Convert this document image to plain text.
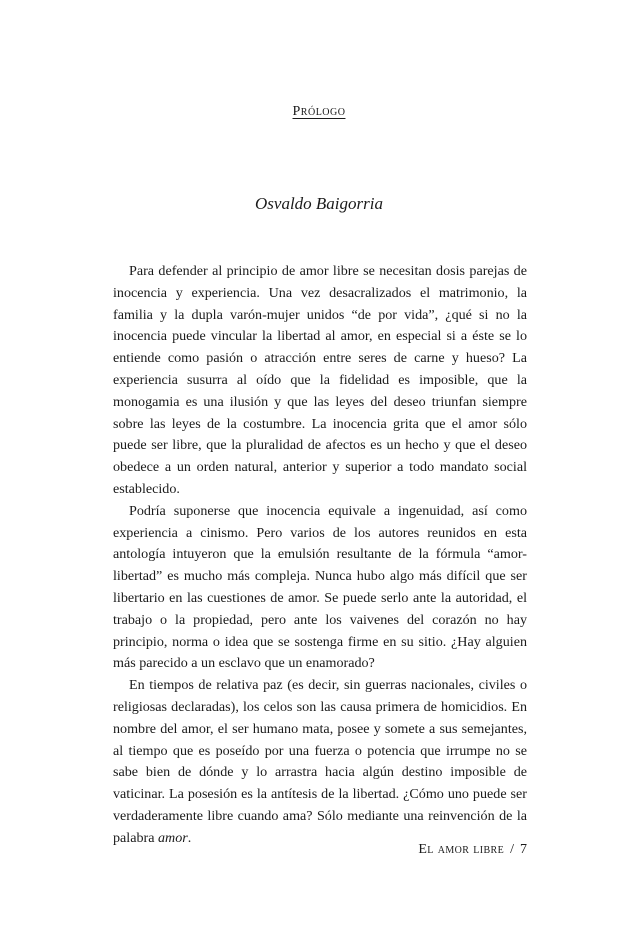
Prólogo
Osvaldo Baigorria

Para defender al principio de amor libre se necesitan dosis parejas de inocencia y experiencia. Una vez desacralizados el matrimonio, la familia y la dupla varón-mujer unidos “de por vida”, ¿qué si no la inocencia puede vincular la libertad al amor, en especial si a éste se lo entiende como pasión o atracción entre seres de carne y hueso? La experiencia susurra al oído que la fidelidad es imposible, que la monogamia es una ilusión y que las leyes del deseo triunfan siempre sobre las leyes de la costumbre. La inocencia grita que el amor sólo puede ser libre, que la pluralidad de afectos es un hecho y que el deseo obedece a un orden natural, anterior y superior a todo mandato social establecido.

Podría suponerse que inocencia equivale a ingenuidad, así como experiencia a cinismo. Pero varios de los autores reunidos en esta antología intuyeron que la emulsión resultante de la fórmula “amor-libertad” es mucho más compleja. Nunca hubo algo más difícil que ser libertario en las cuestiones de amor. Se puede serlo ante la autoridad, el trabajo o la propiedad, pero ante los vaivenes del corazón no hay principio, norma o idea que se sostenga firme en su sitio. ¿Hay alguien más parecido a un esclavo que un enamorado?

En tiempos de relativa paz (es decir, sin guerras nacionales, civiles o religiosas declaradas), los celos son las causa primera de homicidios. En nombre del amor, el ser humano mata, posee y somete a sus semejantes, al tiempo que es poseído por una fuerza o potencia que irrumpe no se sabe bien de dónde y lo arrastra hacia algún destino imposible de vaticinar. La posesión es la antítesis de la libertad. ¿Cómo uno puede ser verdaderamente libre cuando ama? Sólo mediante una reinvención de la palabra amor.

El amor libre / 7
